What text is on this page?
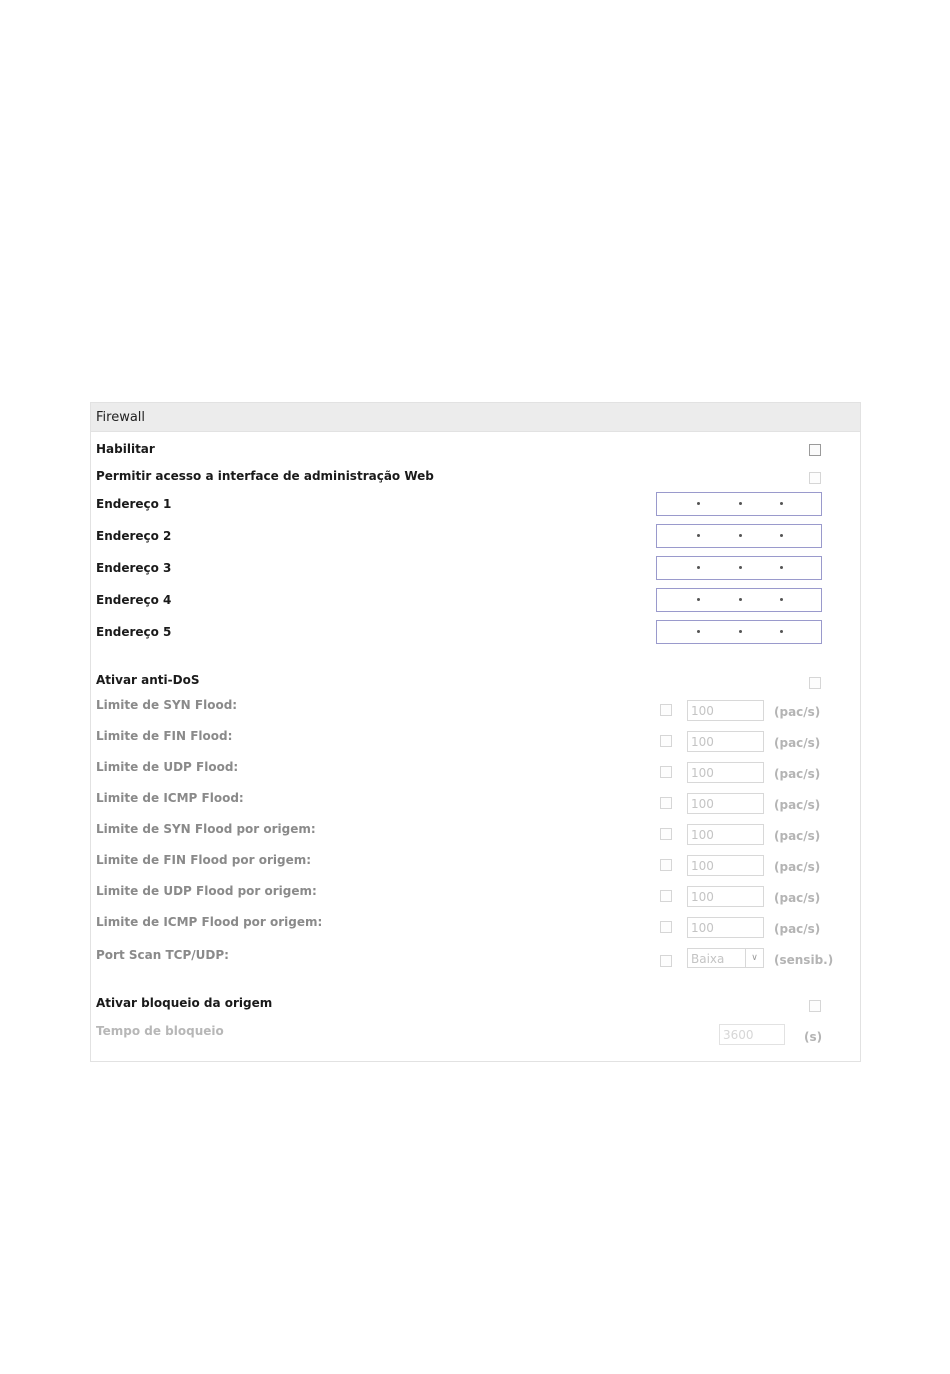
Firewall
Habilitar
Permitir acesso a interface de administração Web
Endereço 1
Endereço 2
Endereço 3
Endereço 4
Endereço 5
Ativar anti-DoS
Limite de SYN Flood:	100	(pac/s)
Limite de FIN Flood:	100	(pac/s)
Limite de UDP Flood:	100	(pac/s)
Limite de ICMP Flood:	100	(pac/s)
Limite de SYN Flood por origem:	100	(pac/s)
Limite de FIN Flood por origem:	100	(pac/s)
Limite de UDP Flood por origem:	100	(pac/s)
Limite de ICMP Flood por origem:	100	(pac/s)
Port Scan TCP/UDP:	Baixa	∨	(sensib.)
Ativar bloqueio da origem
Tempo de bloqueio	3600	(s)
